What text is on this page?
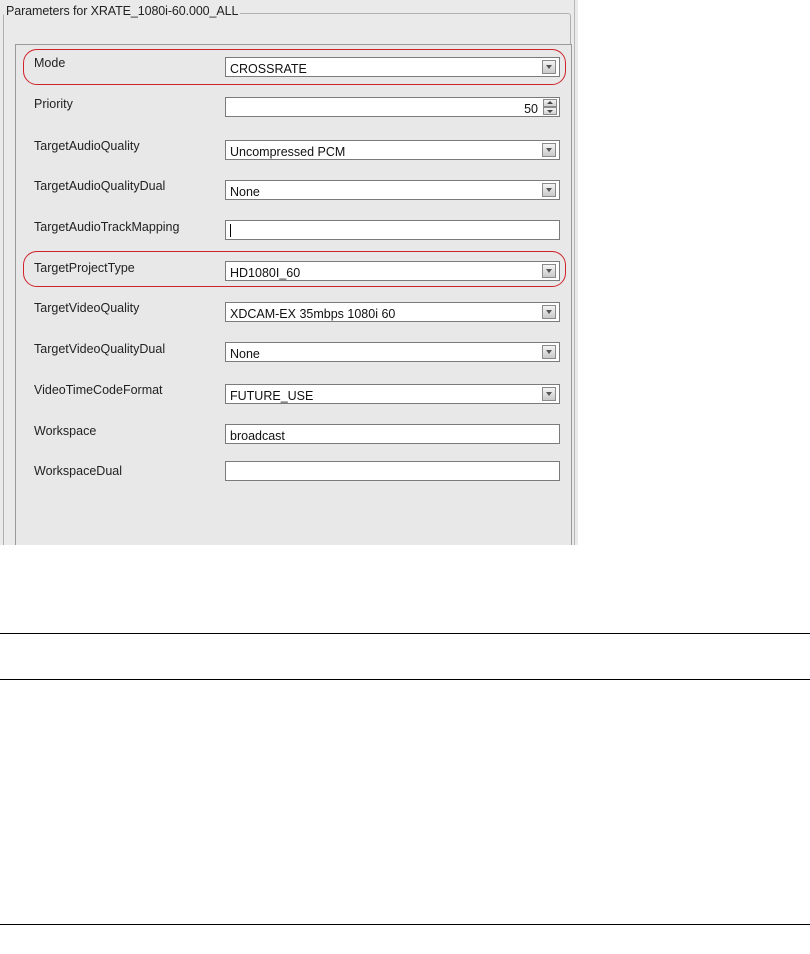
Parameters for XRATE_1080i-60.000_ALL
Mode	CROSSRATE
Priority	50
TargetAudioQuality	Uncompressed PCM
TargetAudioQualityDual	None
TargetAudioTrackMapping
TargetProjectType	HD1080I_60
TargetVideoQuality	XDCAM-EX 35mbps 1080i 60
TargetVideoQualityDual	None
VideoTimeCodeFormat	FUTURE_USE
Workspace	broadcast
WorkspaceDual
